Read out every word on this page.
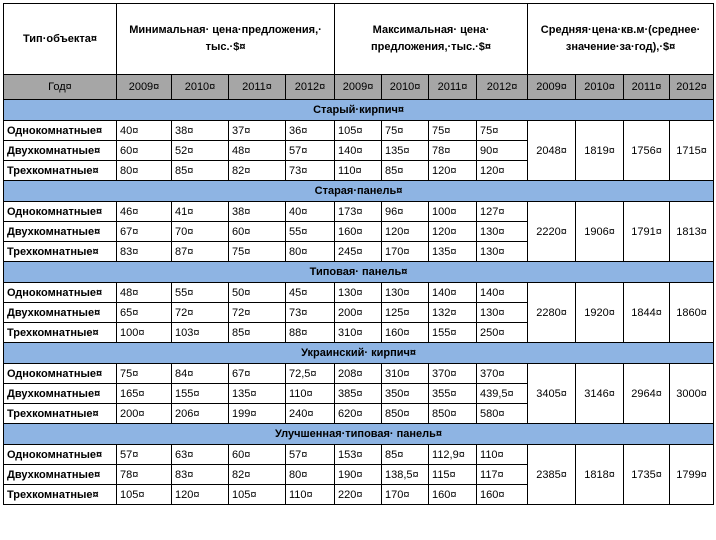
Тип·объекта¤	Минимальная· цена·предложения,· тыс.·$¤				Максимальная· цена· предложения,·тыс.·$¤				Средняя·цена·кв.м·(среднее· значение·за·год),·$¤			
Год¤	2009¤	2010¤	2011¤	2012¤	2009¤	2010¤	2011¤	2012¤	2009¤	2010¤	2011¤	2012¤
Старый·кирпич¤												
Однокомнатные¤	40¤	38¤	37¤	36¤	105¤	75¤	75¤	75¤	2048¤	1819¤	1756¤	1715¤
Двухкомнатные¤	60¤	52¤	48¤	57¤	140¤	135¤	78¤	90¤				
Трехкомнатные¤	80¤	85¤	82¤	73¤	110¤	85¤	120¤	120¤				
Старая·панель¤												
Однокомнатные¤	46¤	41¤	38¤	40¤	173¤	96¤	100¤	127¤	2220¤	1906¤	1791¤	1813¤
Двухкомнатные¤	67¤	70¤	60¤	55¤	160¤	120¤	120¤	130¤				
Трехкомнатные¤	83¤	87¤	75¤	80¤	245¤	170¤	135¤	130¤				
Типовая· панель¤												
Однокомнатные¤	48¤	55¤	50¤	45¤	130¤	130¤	140¤	140¤	2280¤	1920¤	1844¤	1860¤
Двухкомнатные¤	65¤	72¤	72¤	73¤	200¤	125¤	132¤	130¤				
Трехкомнатные¤	100¤	103¤	85¤	88¤	310¤	160¤	155¤	250¤				
Украинский· кирпич¤												
Однокомнатные¤	75¤	84¤	67¤	72,5¤	208¤	310¤	370¤	370¤	3405¤	3146¤	2964¤	3000¤
Двухкомнатные¤	165¤	155¤	135¤	110¤	385¤	350¤	355¤	439,5¤				
Трехкомнатные¤	200¤	206¤	199¤	240¤	620¤	850¤	850¤	580¤				
Улучшенная·типовая· панель¤												
Однокомнатные¤	57¤	63¤	60¤	57¤	153¤	85¤	112,9¤	110¤	2385¤	1818¤	1735¤	1799¤
Двухкомнатные¤	78¤	83¤	82¤	80¤	190¤	138,5¤	115¤	117¤				
Трехкомнатные¤	105¤	120¤	105¤	110¤	220¤	170¤	160¤	160¤				
